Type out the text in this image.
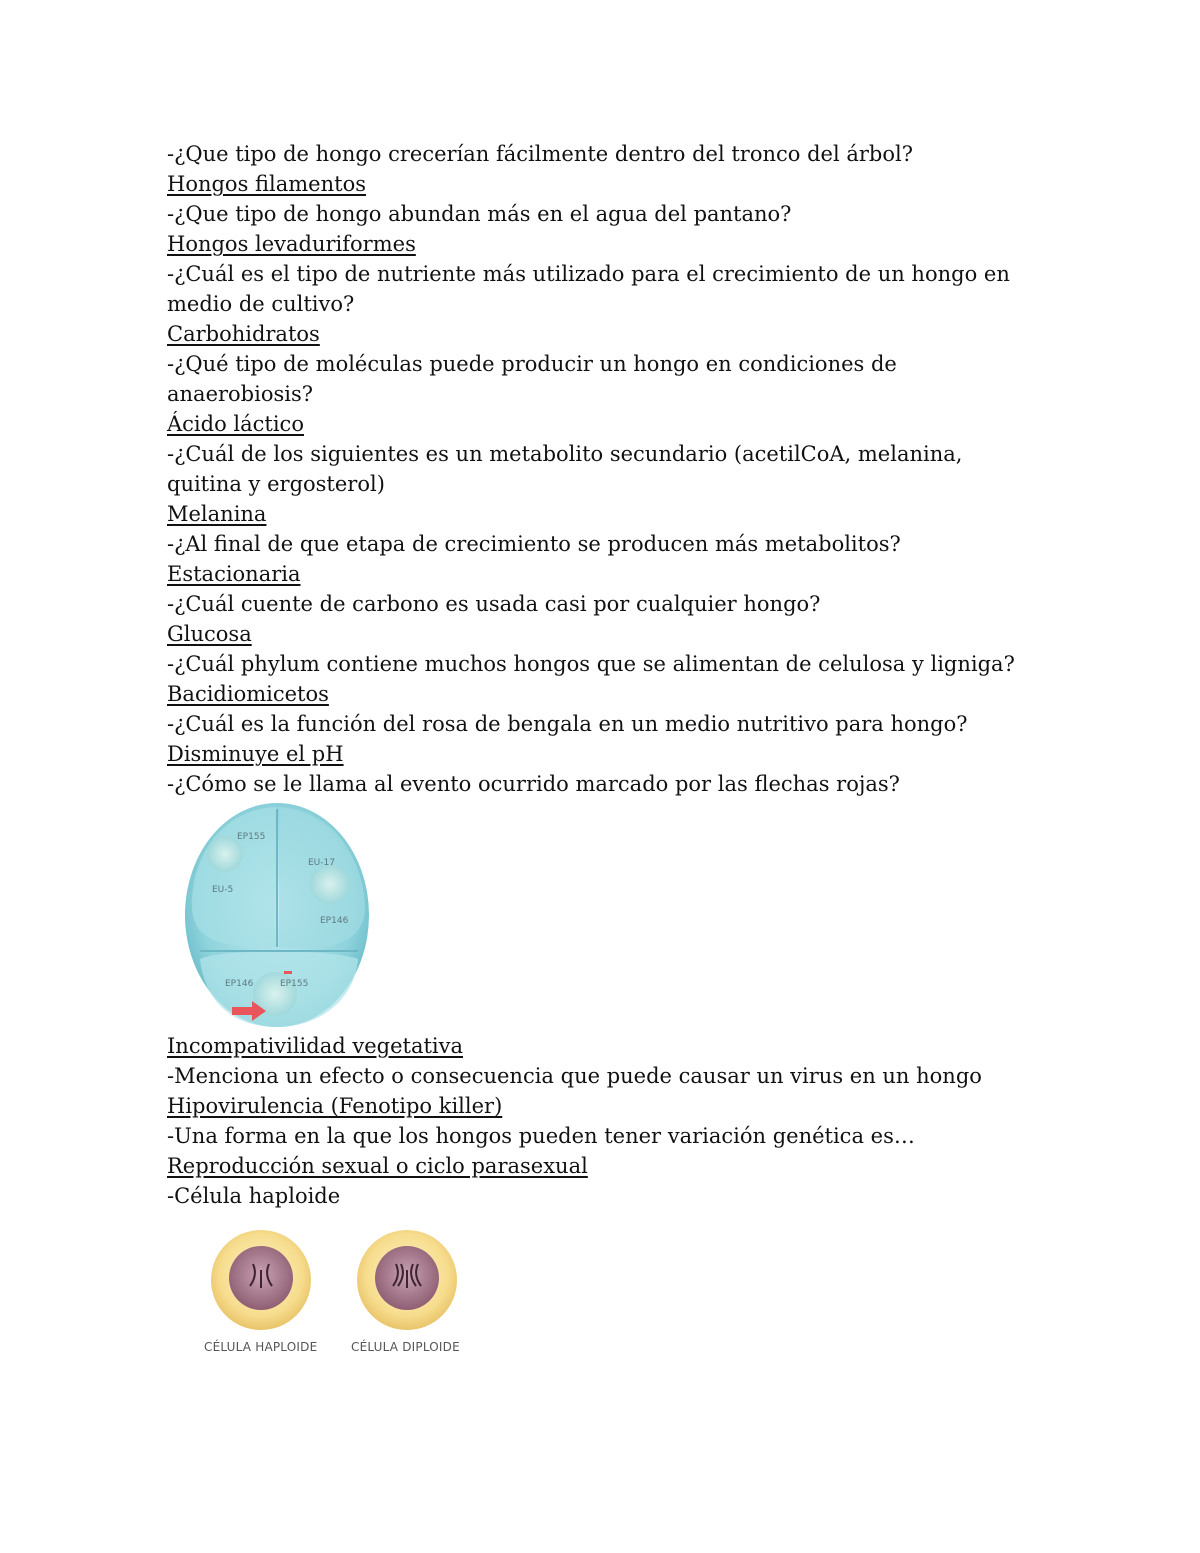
-¿Que tipo de hongo crecerían fácilmente dentro del tronco del árbol?
Hongos filamentos
-¿Que tipo de hongo abundan más en el agua del pantano?
Hongos levaduriformes
-¿Cuál es el tipo de nutriente más utilizado para el crecimiento de un hongo en
medio de cultivo?
Carbohidratos
-¿Qué tipo de moléculas puede producir un hongo en condiciones de
anaerobiosis?
Ácido láctico
-¿Cuál de los siguientes es un metabolito secundario (acetilCoA, melanina,
quitina y ergosterol)
Melanina
-¿Al final de que etapa de crecimiento se producen más metabolitos?
Estacionaria
-¿Cuál cuente de carbono es usada casi por cualquier hongo?
Glucosa
-¿Cuál phylum contiene muchos hongos que se alimentan de celulosa y ligniga?
Bacidiomicetos
-¿Cuál es la función del rosa de bengala en un medio nutritivo para hongo?
Disminuye el pH
-¿Cómo se le llama al evento ocurrido marcado por las flechas rojas?
EP155
EU-17
EU-5
EP146
EP146	EP155
Incompativilidad vegetativa
-Menciona un efecto o consecuencia que puede causar un virus en un hongo
Hipovirulencia (Fenotipo killer)
-Una forma en la que los hongos pueden tener variación genética es…
Reproducción sexual o ciclo parasexual
-Célula haploide
CÉLULA HAPLOIDE	CÉLULA DIPLOIDE
